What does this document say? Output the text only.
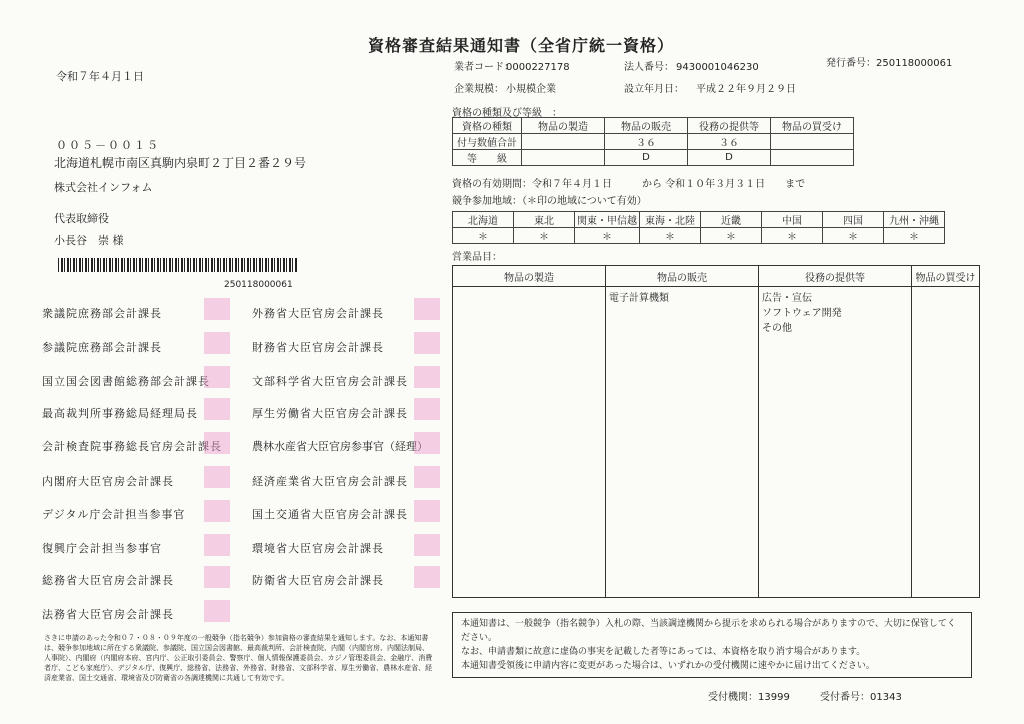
資格審査結果通知書（全省庁統一資格）
発行番号：250118000061
令和７年４月１日
業者コード：0000227178	法人番号： 9430001046230
企業規模： 小規模企業	設立年月日： 平成２２年９月２９日
資格の種類及び等級　：
資格の種類	物品の製造	物品の販売	役務の提供等	物品の買受け
付与数値合計		３６	３６	
等　　級		D	D	
資格の有効期間：令和７年４月１日　　　から 令和１０年３月３１日　　まで
競争参加地域：（＊印の地域について有効）
北海道	東北	関東・甲信越	東海・北陸	近畿	中国	四国	九州・沖縄
＊	＊	＊	＊	＊	＊	＊	＊
営業品目：
物品の製造	物品の販売	役務の提供等	物品の買受け
	電子計算機類	広告・宣伝
ソフトウェア開発
その他	
００５－００１５
北海道札幌市南区真駒内泉町２丁目２番２９号
株式会社インフォム
代表取締役
小長谷　崇 様
250118000061
衆議院庶務部会計課長
参議院庶務部会計課長
国立国会図書館総務部会計課長
最高裁判所事務総局経理局長
会計検査院事務総長官房会計課長
内閣府大臣官房会計課長
デジタル庁会計担当参事官
復興庁会計担当参事官
総務省大臣官房会計課長
法務省大臣官房会計課長
外務省大臣官房会計課長
財務省大臣官房会計課長
文部科学省大臣官房会計課長
厚生労働省大臣官房会計課長
農林水産省大臣官房参事官（経理）
経済産業省大臣官房会計課長
国土交通省大臣官房会計課長
環境省大臣官房会計課長
防衛省大臣官房会計課長
さきに申請のあった令和０７・０８・０９年度の一般競争（指名競争）参加資格の審査結果を通知します。なお、本通知書は、競争参加地域に所在する衆議院、参議院、国立国会図書館、最高裁判所、会計検査院、内閣（内閣官房、内閣法制局、人事院）、内閣府（内閣府本府、宮内庁、公正取引委員会、警察庁、個人情報保護委員会、カジノ管理委員会、金融庁、消費者庁、こども家庭庁）、デジタル庁、復興庁、総務省、法務省、外務省、財務省、文部科学省、厚生労働省、農林水産省、経済産業省、国土交通省、環境省及び防衛省の各調達機関に共通して有効です。
本通知書は、一般競争（指名競争）入札の際、当該調達機関から提示を求められる場合がありますので、大切に保管してください。
なお、申請書類に故意に虚偽の事実を記載した者等にあっては、本資格を取り消す場合があります。
本通知書受領後に申請内容に変更があった場合は、いずれかの受付機関に速やかに届け出てください。
受付機関：13999	受付番号：01343
